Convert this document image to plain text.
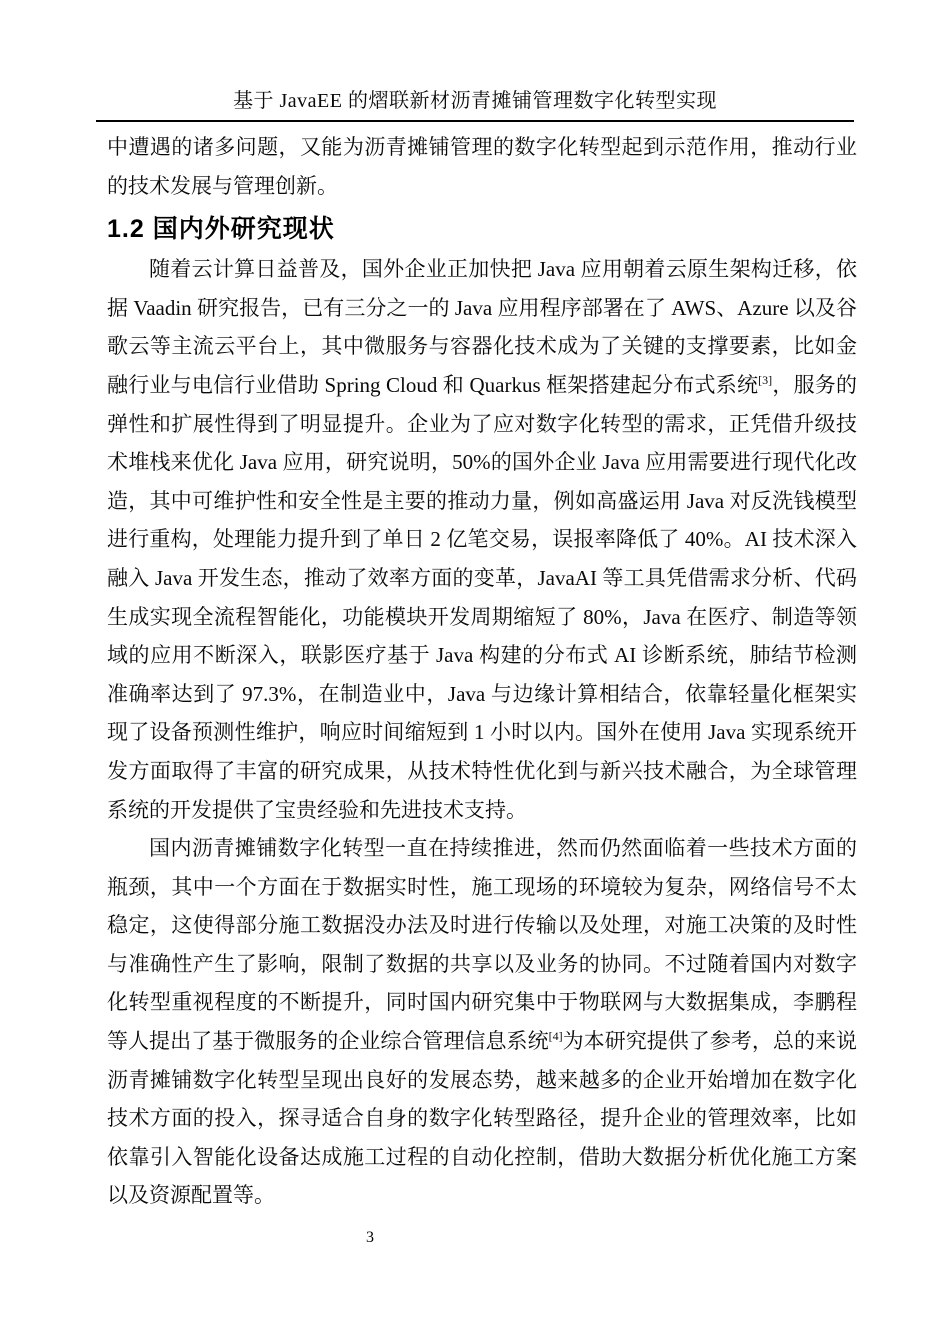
基于 JavaEE 的熠联新材沥青摊铺管理数字化转型实现

中遭遇的诸多问题，又能为沥青摊铺管理的数字化转型起到示范作用，推动行业的技术发展与管理创新。

1.2 国内外研究现状

随着云计算日益普及，国外企业正加快把 Java 应用朝着云原生架构迁移，依据 Vaadin 研究报告，已有三分之一的 Java 应用程序部署在了 AWS、Azure 以及谷歌云等主流云平台上，其中微服务与容器化技术成为了关键的支撑要素，比如金融行业与电信行业借助 Spring Cloud 和 Quarkus 框架搭建起分布式系统[3]，服务的弹性和扩展性得到了明显提升。企业为了应对数字化转型的需求，正凭借升级技术堆栈来优化 Java 应用，研究说明，50%的国外企业 Java 应用需要进行现代化改造，其中可维护性和安全性是主要的推动力量，例如高盛运用 Java 对反洗钱模型进行重构，处理能力提升到了单日 2 亿笔交易，误报率降低了 40%。AI 技术深入融入 Java 开发生态，推动了效率方面的变革，JavaAI 等工具凭借需求分析、代码生成实现全流程智能化，功能模块开发周期缩短了 80%，Java 在医疗、制造等领域的应用不断深入，联影医疗基于 Java 构建的分布式 AI 诊断系统，肺结节检测准确率达到了 97.3%，在制造业中，Java 与边缘计算相结合，依靠轻量化框架实现了设备预测性维护，响应时间缩短到 1 小时以内。国外在使用 Java 实现系统开发方面取得了丰富的研究成果，从技术特性优化到与新兴技术融合，为全球管理系统的开发提供了宝贵经验和先进技术支持。

国内沥青摊铺数字化转型一直在持续推进，然而仍然面临着一些技术方面的瓶颈，其中一个方面在于数据实时性，施工现场的环境较为复杂，网络信号不太稳定，这使得部分施工数据没办法及时进行传输以及处理，对施工决策的及时性与准确性产生了影响，限制了数据的共享以及业务的协同。不过随着国内对数字化转型重视程度的不断提升，同时国内研究集中于物联网与大数据集成，李鹏程等人提出了基于微服务的企业综合管理信息系统[4]为本研究提供了参考，总的来说沥青摊铺数字化转型呈现出良好的发展态势，越来越多的企业开始增加在数字化技术方面的投入，探寻适合自身的数字化转型路径，提升企业的管理效率，比如依靠引入智能化设备达成施工过程的自动化控制，借助大数据分析优化施工方案以及资源配置等。

3
